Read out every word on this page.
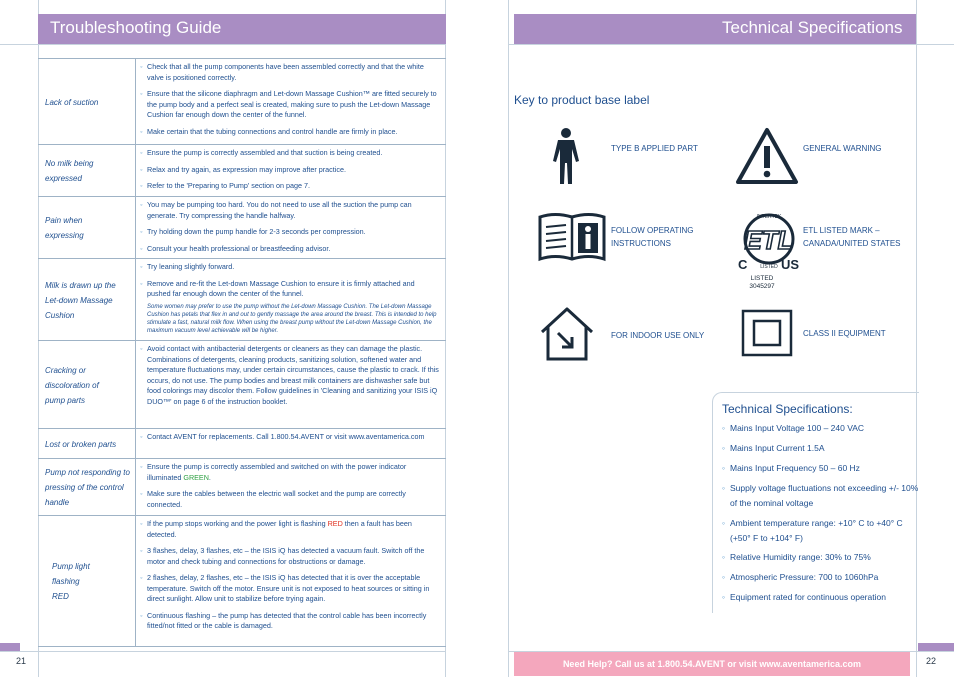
Troubleshooting Guide
Lack of suction
◦ Check that all the pump components have been assembled correctly and that the white valve is positioned correctly.
◦ Ensure that the silicone diaphragm and Let-down Massage Cushion™ are fitted securely to the pump body and a perfect seal is created, making sure to push the Let-down Massage Cushion far enough down the center of the funnel.
◦ Make certain that the tubing connections and control handle are firmly in place.
No milk being expressed
◦ Ensure the pump is correctly assembled and that suction is being created.
◦ Relax and try again, as expression may improve after practice.
◦ Refer to the 'Preparing to Pump' section on page 7.
Pain when expressing
◦ You may be pumping too hard. You do not need to use all the suction the pump can generate. Try compressing the handle halfway.
◦ Try holding down the pump handle for 2-3 seconds per compression.
◦ Consult your health professional or breastfeeding advisor.
Milk is drawn up the Let-down Massage Cushion
◦ Try leaning slightly forward.
◦ Remove and re-fit the Let-down Massage Cushion to ensure it is firmly attached and pushed far enough down the center of the funnel.
Some women may prefer to use the pump without the Let-down Massage Cushion. The Let-down Massage Cushion has petals that flex in and out to gently massage the area around the breast. This is intended to help stimulate a fast, natural milk flow. When using the breast pump without the Let-down Massage Cushion, the maximum vacuum level achievable will be higher.
Cracking or discoloration of pump parts
◦ Avoid contact with antibacterial detergents or cleaners as they can damage the plastic. Combinations of detergents, cleaning products, sanitizing solution, softened water and temperature fluctuations may, under certain circumstances, cause the plastic to crack. If this occurs, do not use. The pump bodies and breast milk containers are dishwasher safe but food colorings may discolor them. Follow guidelines in 'Cleaning and sanitizing your ISIS iQ DUO™' on page 6 of the instruction booklet.
Lost or broken parts
◦ Contact AVENT for replacements. Call 1.800.54.AVENT or visit www.aventamerica.com
Pump not responding to pressing of the control handle
◦ Ensure the pump is correctly assembled and switched on with the power indicator illuminated GREEN.
◦ Make sure the cables between the electric wall socket and the pump are correctly connected.
Pump light flashing
RED
◦ If the pump stops working and the power light is flashing RED then a fault has been detected.
◦ 3 flashes, delay, 3 flashes, etc – the ISIS iQ has detected a vacuum fault. Switch off the motor and check tubing and connections for obstructions or damage.
◦ 2 flashes, delay, 2 flashes, etc – the ISIS iQ has detected that it is over the acceptable temperature. Switch off the motor. Ensure unit is not exposed to heat sources or sitting in direct sunlight. Allow unit to stabilize before trying again.
◦ Continuous flashing – the pump has detected that the control cable has been incorrectly fitted/not fitted or the cable is damaged.
21
Technical Specifications
Key to product base label
TYPE B APPLIED PART	GENERAL WARNING
FOLLOW OPERATING
INSTRUCTIONS	ETL
INTERTEK
LISTED
C	US
LISTED
3045297
ETL LISTED MARK –
CANADA/UNITED STATES
FOR INDOOR USE ONLY	CLASS II EQUIPMENT
Technical Specifications:
◦ Mains Input Voltage 100 – 240 VAC
◦ Mains Input Current 1.5A
◦ Mains Input Frequency 50 – 60 Hz
◦ Supply voltage fluctuations not exceeding +/- 10% of the nominal voltage
◦ Ambient temperature range: +10° C to +40° C (+50° F to +104° F)
◦ Relative Humidity range: 30% to 75%
◦ Atmospheric Pressure: 700 to 1060hPa
◦ Equipment rated for continuous operation
Need Help? Call us at 1.800.54.AVENT or visit www.aventamerica.com	22
